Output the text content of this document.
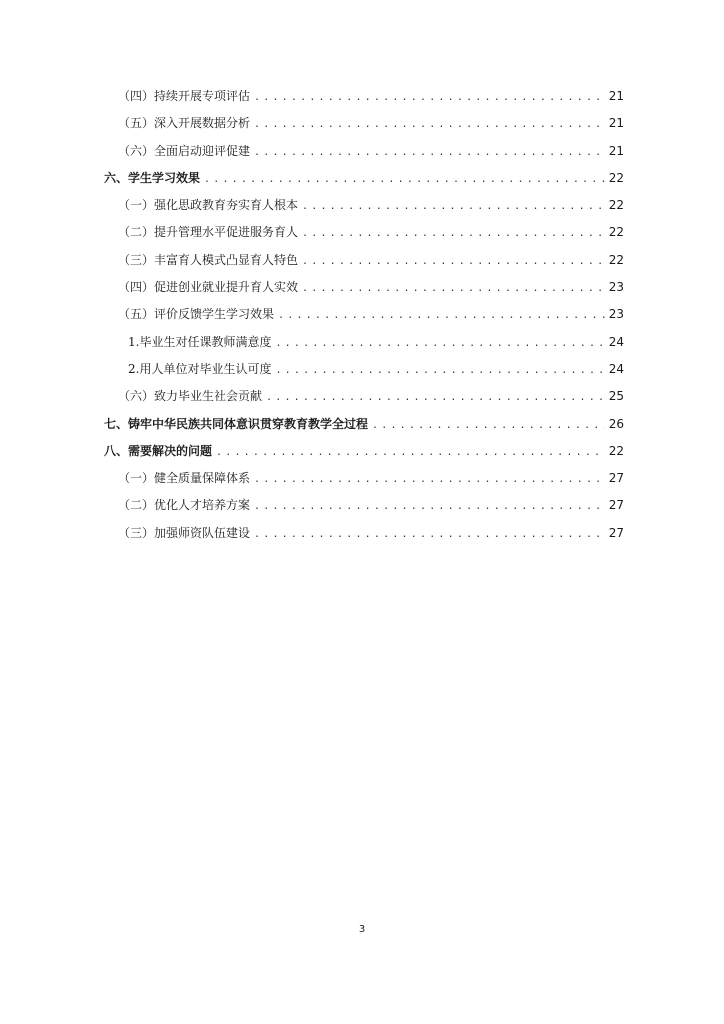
（四）持续开展专项评估 .....	21
（五）深入开展数据分析 .....	21
（六）全面启动迎评促建 .....	21
六、学生学习效果 .....	22
（一）强化思政教育夯实育人根本 .....	22
（二）提升管理水平促进服务育人 .....	22
（三）丰富育人模式凸显育人特色 .....	22
（四）促进创业就业提升育人实效 .....	23
（五）评价反馈学生学习效果 .....	23
1.毕业生对任课教师满意度 .....	24
2.用人单位对毕业生认可度 .....	24
（六）致力毕业生社会贡献 .....	25
七、铸牢中华民族共同体意识贯穿教育教学全过程 .....	26
八、需要解决的问题 .....	22
（一）健全质量保障体系 .....	27
（二）优化人才培养方案 .....	27
（三）加强师资队伍建设 .....	27
3
